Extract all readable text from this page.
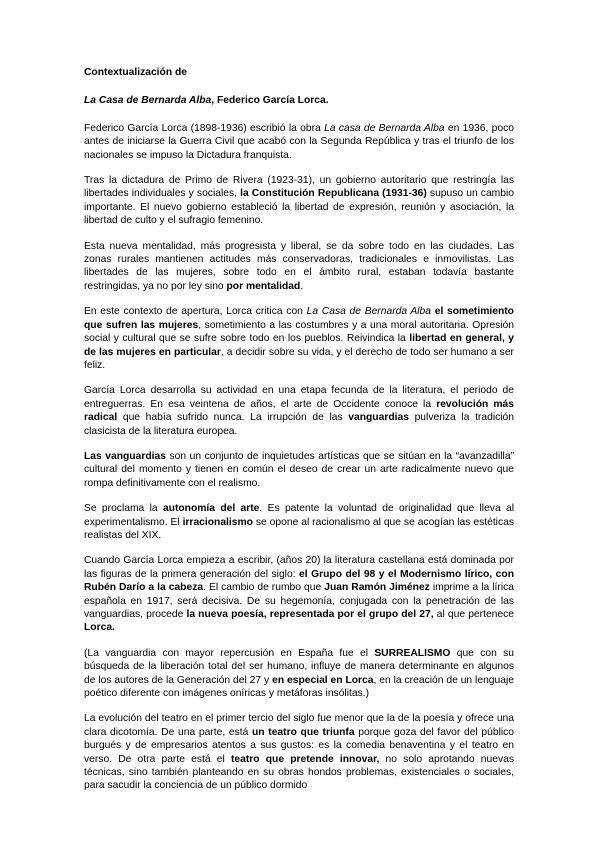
Contextualización de
La Casa de Bernarda Alba, Federico García Lorca.

Federico García Lorca (1898-1936) escribió la obra La casa de Bernarda Alba en 1936, poco antes de iniciarse la Guerra Civil que acabó con la Segunda República y tras el triunfo de los nacionales se impuso la Dictadura franquista.

Tras la dictadura de Primo de Rivera (1923-31), un gobierno autoritario que restringía las libertades individuales y sociales, la Constitución Republicana (1931-36) supuso un cambio importante. El nuevo gobierno estableció la libertad de expresión, reunión y asociación, la libertad de culto y el sufragio femenino.

Esta nueva mentalidad, más progresista y liberal, se da sobre todo en las ciudades. Las zonas rurales mantienen actitudes más conservadoras, tradicionales e inmovilistas. Las libertades de las mujeres, sobre todo en el ámbito rural, estaban todavía bastante restringidas, ya no por ley sino por mentalidad.

En este contexto de apertura, Lorca critica con La Casa de Bernarda Alba el sometimiento que sufren las mujeres, sometimiento a las costumbres y a una moral autoritaria. Opresión social y cultural que se sufre sobre todo en los pueblos. Reivindica la libertad en general, y de las mujeres en particular, a decidir sobre su vida, y el derecho de todo ser humano a ser feliz.

García Lorca desarrolla su actividad en una etapa fecunda de la literatura, el periodo de entreguerras. En esa veintena de años, el arte de Occidente conoce la revolución más radical que había sufrido nunca. La irrupción de las vanguardias pulveriza la tradición clasicista de la literatura europea.

Las vanguardias son un conjunto de inquietudes artísticas que se sitúan en la “avanzadilla” cultural del momento y tienen en común el deseo de crear un arte radicalmente nuevo que rompa definitivamente con el realismo.

Se proclama la autonomía del arte. Es patente la voluntad de originalidad que lleva al experimentalismo. El irracionalismo se opone al racionalismo al que se acogían las estéticas realistas del XIX.

Cuando García Lorca empieza a escribir, (años 20) la literatura castellana está dominada por las figuras de la primera generación del siglo: el Grupo del 98 y el Modernismo lírico, con Rubén Darío a la cabeza. El cambio de rumbo que Juan Ramón Jiménez imprime a la lírica española en 1917, será decisiva. De su hegemonía, conjugada con la penetración de las vanguardias, procede la nueva poesía, representada por el grupo del 27, al que pertenece Lorca.

(La vanguardia con mayor repercusión en España fue el SURREALISMO que con su búsqueda de la liberación total del ser humano, influye de manera determinante en algunos de los autores de la Generación del 27 y en especial en Lorca, en la creación de un lenguaje poético diferente con imágenes oníricas y metáforas insólitas.)

La evolución del teatro en el primer tercio del siglo fue menor que la de la poesía y ofrece una clara dicotomía. De una parte, está un teatro que triunfa porque goza del favor del público burgués y de empresarios atentos a sus gustos: es la comedia benaventina y el teatro en verso. De otra parte está el teatro que pretende innovar, no solo aprotando nuevas técnicas, sino también planteando en su obras hondos problemas, existenciales o sociales, para sacudir la conciencia de un público dormido
